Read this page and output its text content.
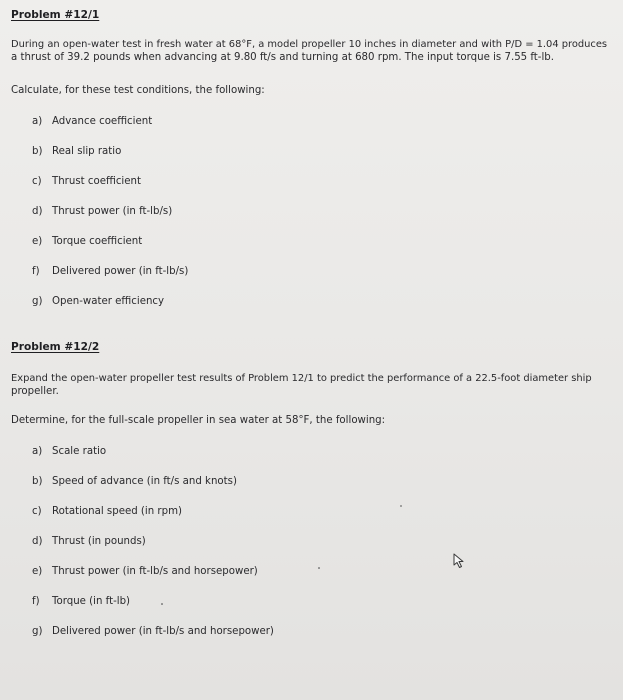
Problem #12/1
During an open-water test in fresh water at 68°F, a model propeller 10 inches in diameter and with P/D = 1.04 produces
a thrust of 39.2 pounds when advancing at 9.80 ft/s and turning at 680 rpm. The input torque is 7.55 ft-lb.
Calculate, for these test conditions, the following:
a) Advance coefficient
b) Real slip ratio
c) Thrust coefficient
d) Thrust power (in ft-lb/s)
e) Torque coefficient
f) Delivered power (in ft-lb/s)
g) Open-water efficiency
Problem #12/2
Expand the open-water propeller test results of Problem 12/1 to predict the performance of a 22.5-foot diameter ship
propeller.
Determine, for the full-scale propeller in sea water at 58°F, the following:
a) Scale ratio
b) Speed of advance (in ft/s and knots)
c) Rotational speed (in rpm)
d) Thrust (in pounds)
e) Thrust power (in ft-lb/s and horsepower)
f) Torque (in ft-lb)
g) Delivered power (in ft-lb/s and horsepower)
